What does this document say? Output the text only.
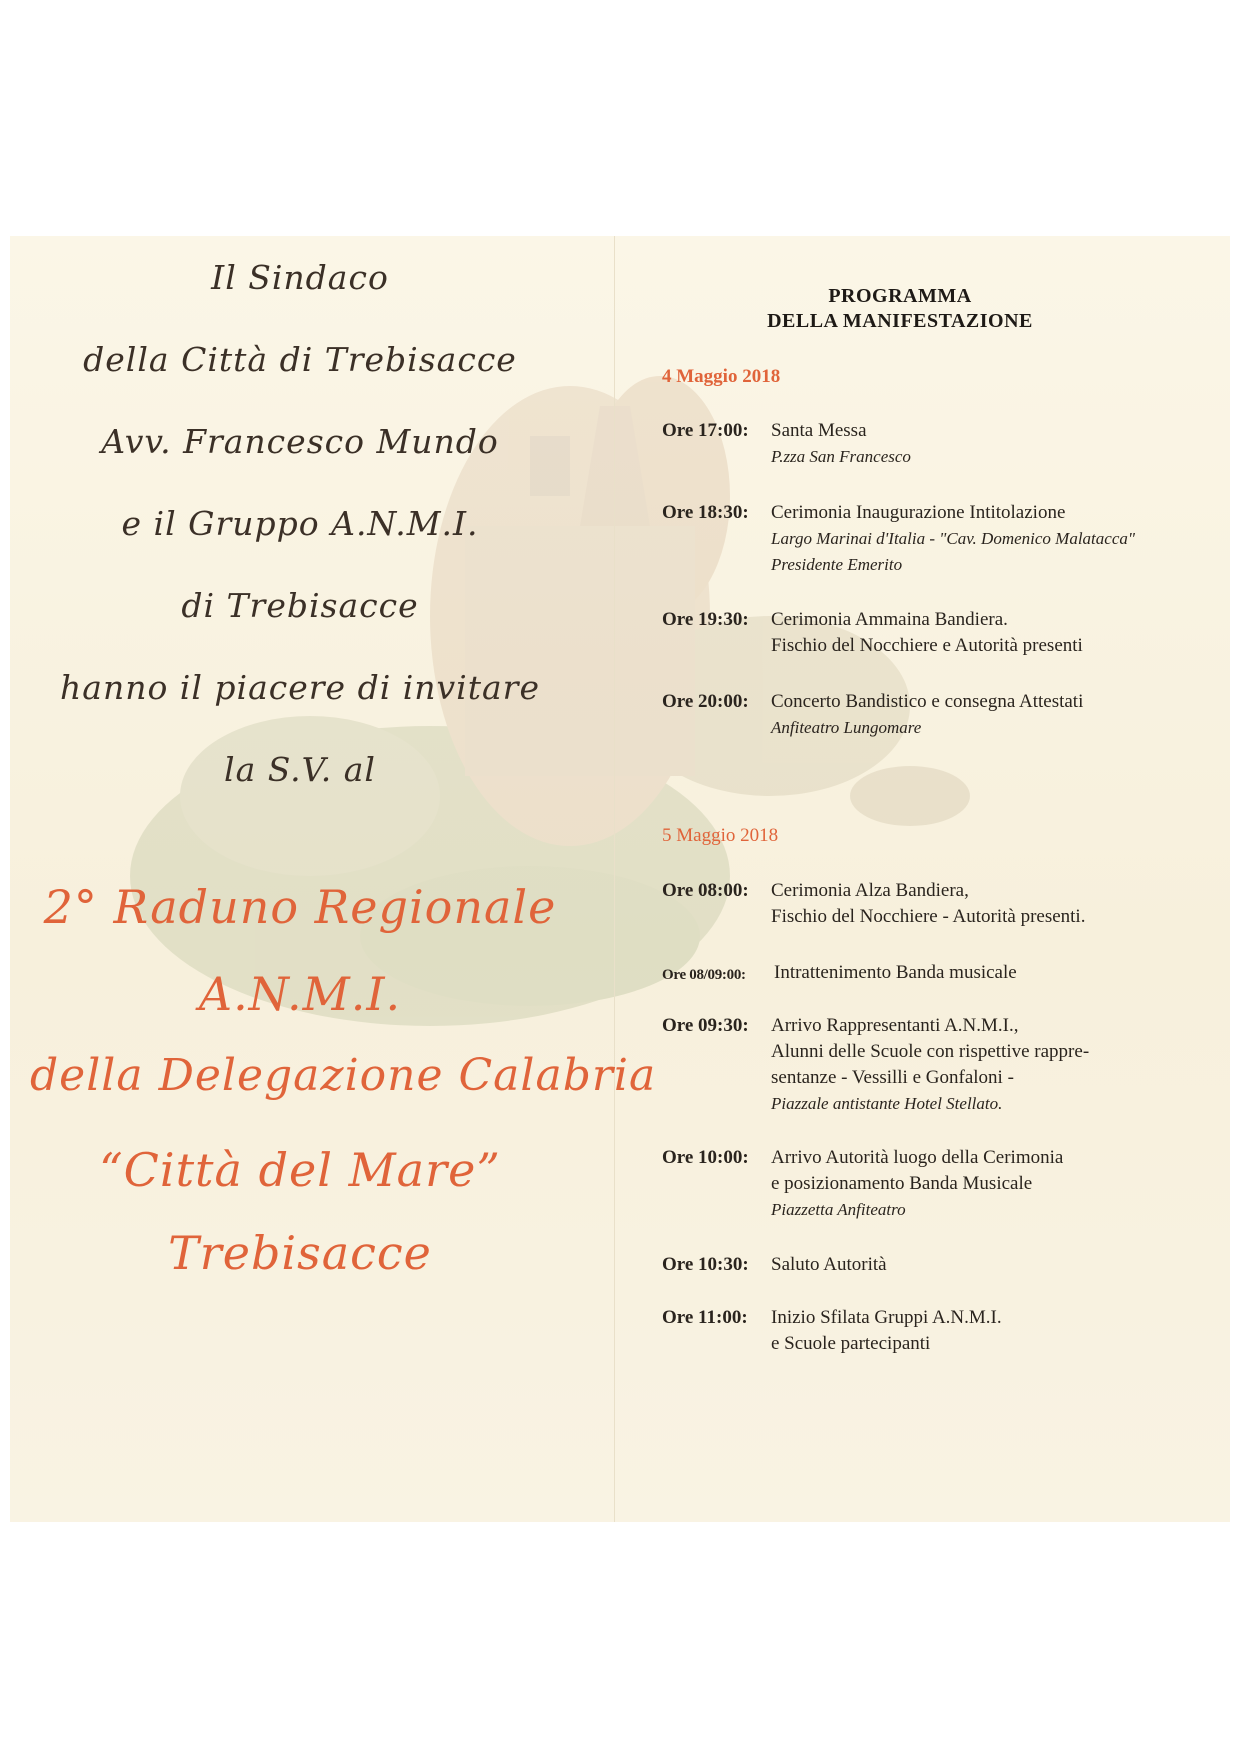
Il Sindaco
della Città di Trebisacce
Avv. Francesco Mundo
e il Gruppo A.N.M.I.
di Trebisacce
hanno il piacere di invitare
la S.V. al
2° Raduno Regionale
A.N.M.I.
della Delegazione Calabria
“Città del Mare”
Trebisacce
PROGRAMMA
DELLA MANIFESTAZIONE
4 Maggio 2018
Ore 17:00: Santa Messa
P.zza San Francesco
Ore 18:30: Cerimonia Inaugurazione Intitolazione
Largo Marinai d'Italia - "Cav. Domenico Malatacca"
Presidente Emerito
Ore 19:30: Cerimonia Ammaina Bandiera.
Fischio del Nocchiere e Autorità presenti
Ore 20:00: Concerto Bandistico e consegna Attestati
Anfiteatro Lungomare
5 Maggio 2018
Ore 08:00: Cerimonia Alza Bandiera,
Fischio del Nocchiere - Autorità presenti.
Ore 08/09:00: Intrattenimento Banda musicale
Ore 09:30: Arrivo Rappresentanti A.N.M.I.,
Alunni delle Scuole con rispettive rappre-
sentanze - Vessilli e Gonfaloni -
Piazzale antistante Hotel Stellato.
Ore 10:00: Arrivo Autorità luogo della Cerimonia
e posizionamento Banda Musicale
Piazzetta Anfiteatro
Ore 10:30: Saluto Autorità
Ore 11:00: Inizio Sfilata Gruppi A.N.M.I.
e Scuole partecipanti
